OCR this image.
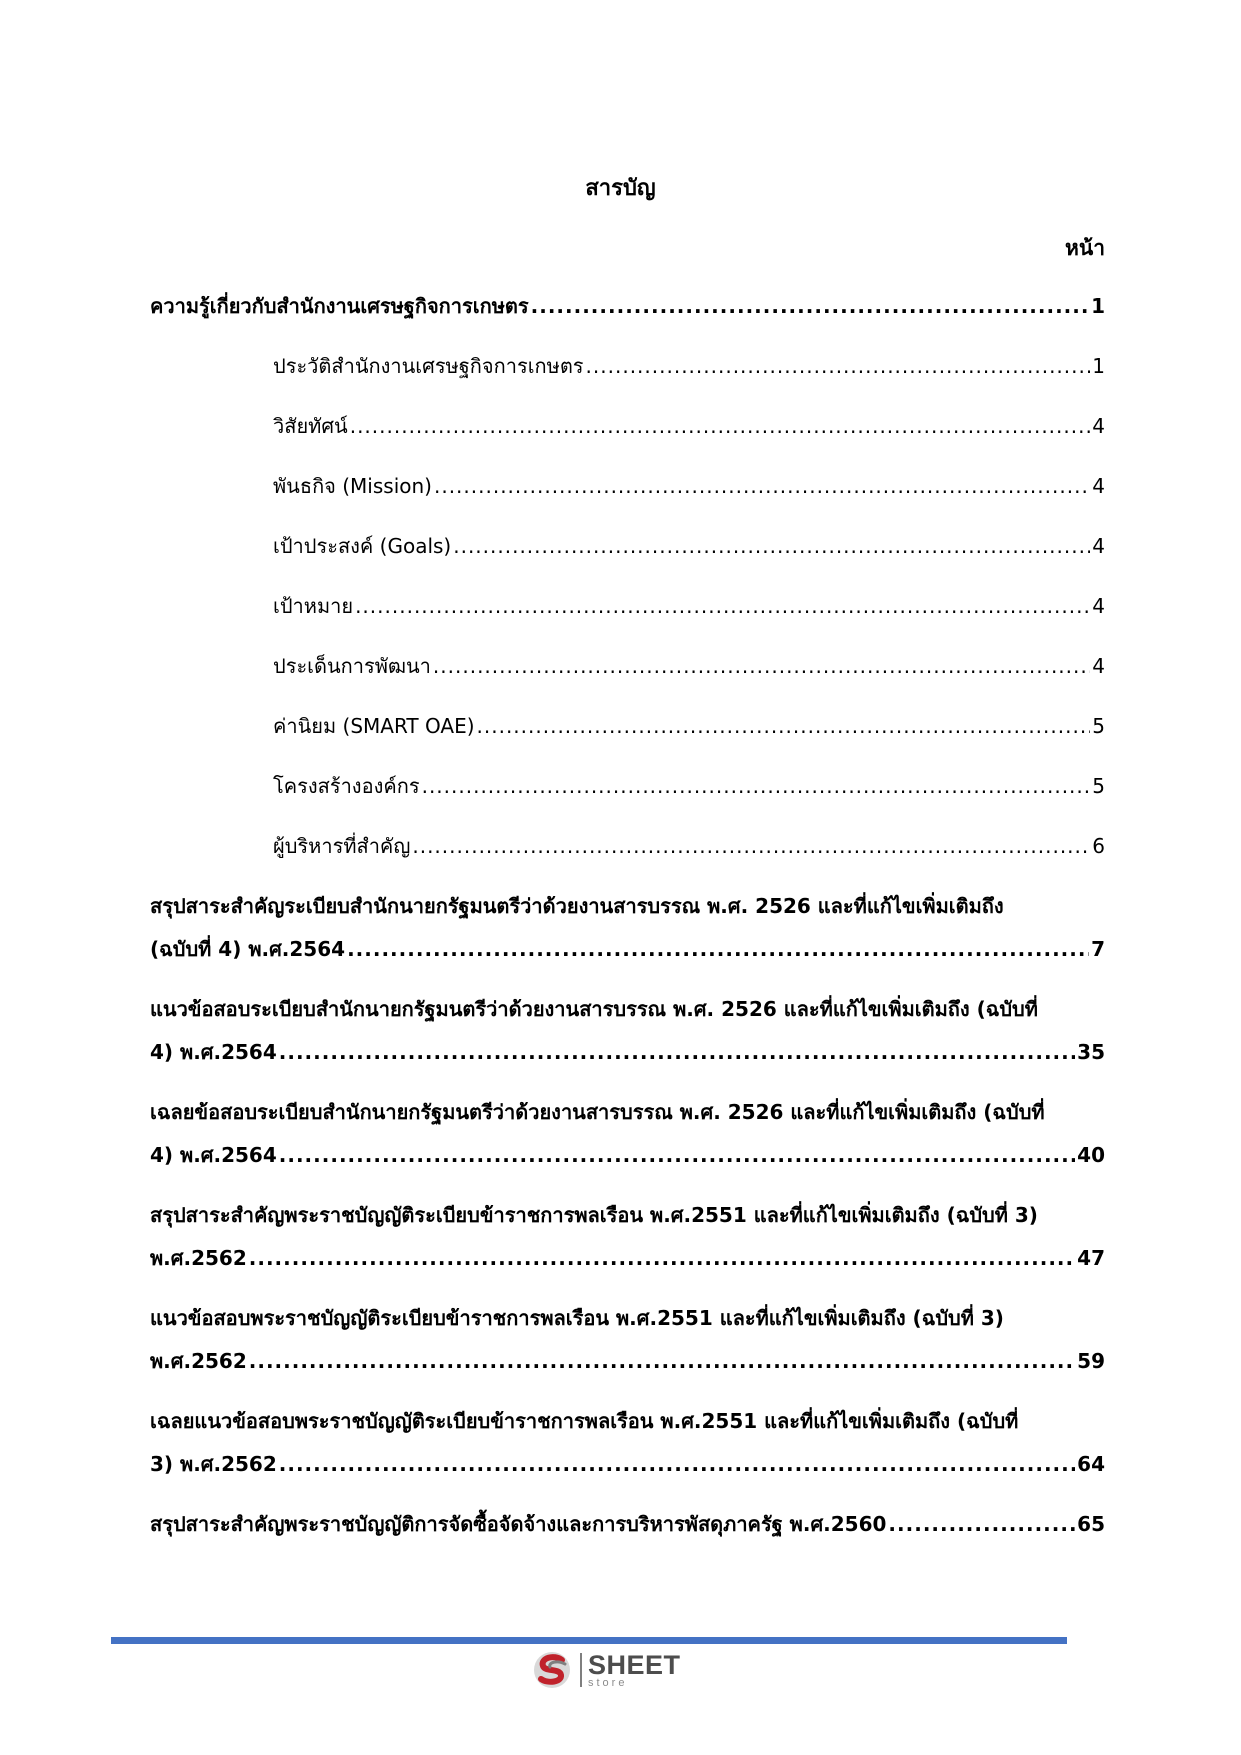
สารบัญ
หน้า
ความรู้เกี่ยวกับสำนักงานเศรษฐกิจการเกษตร .....	1
ประวัติสำนักงานเศรษฐกิจการเกษตร .....	1
วิสัยทัศน์ .....	4
พันธกิจ (Mission) .....	4
เป้าประสงค์ (Goals) .....	4
เป้าหมาย .....	4
ประเด็นการพัฒนา .....	4
ค่านิยม (SMART OAE) .....	5
โครงสร้างองค์กร .....	5
ผู้บริหารที่สำคัญ .....	6
สรุปสาระสำคัญระเบียบสำนักนายกรัฐมนตรีว่าด้วยงานสารบรรณ พ.ศ. 2526 และที่แก้ไขเพิ่มเติมถึง
(ฉบับที่ 4) พ.ศ.2564 .....	7
แนวข้อสอบระเบียบสำนักนายกรัฐมนตรีว่าด้วยงานสารบรรณ พ.ศ. 2526 และที่แก้ไขเพิ่มเติมถึง (ฉบับที่
4) พ.ศ.2564 .....	35
เฉลยข้อสอบระเบียบสำนักนายกรัฐมนตรีว่าด้วยงานสารบรรณ พ.ศ. 2526 และที่แก้ไขเพิ่มเติมถึง (ฉบับที่
4) พ.ศ.2564 .....	40
สรุปสาระสำคัญพระราชบัญญัติระเบียบข้าราชการพลเรือน พ.ศ.2551 และที่แก้ไขเพิ่มเติมถึง (ฉบับที่ 3)
พ.ศ.2562 .....	47
แนวข้อสอบพระราชบัญญัติระเบียบข้าราชการพลเรือน พ.ศ.2551 และที่แก้ไขเพิ่มเติมถึง (ฉบับที่ 3)
พ.ศ.2562 .....	59
เฉลยแนวข้อสอบพระราชบัญญัติระเบียบข้าราชการพลเรือน พ.ศ.2551 และที่แก้ไขเพิ่มเติมถึง (ฉบับที่
3) พ.ศ.2562 .....	64
สรุปสาระสำคัญพระราชบัญญัติการจัดซื้อจัดจ้างและการบริหารพัสดุภาครัฐ พ.ศ.2560 .....	65
SHEET
store
